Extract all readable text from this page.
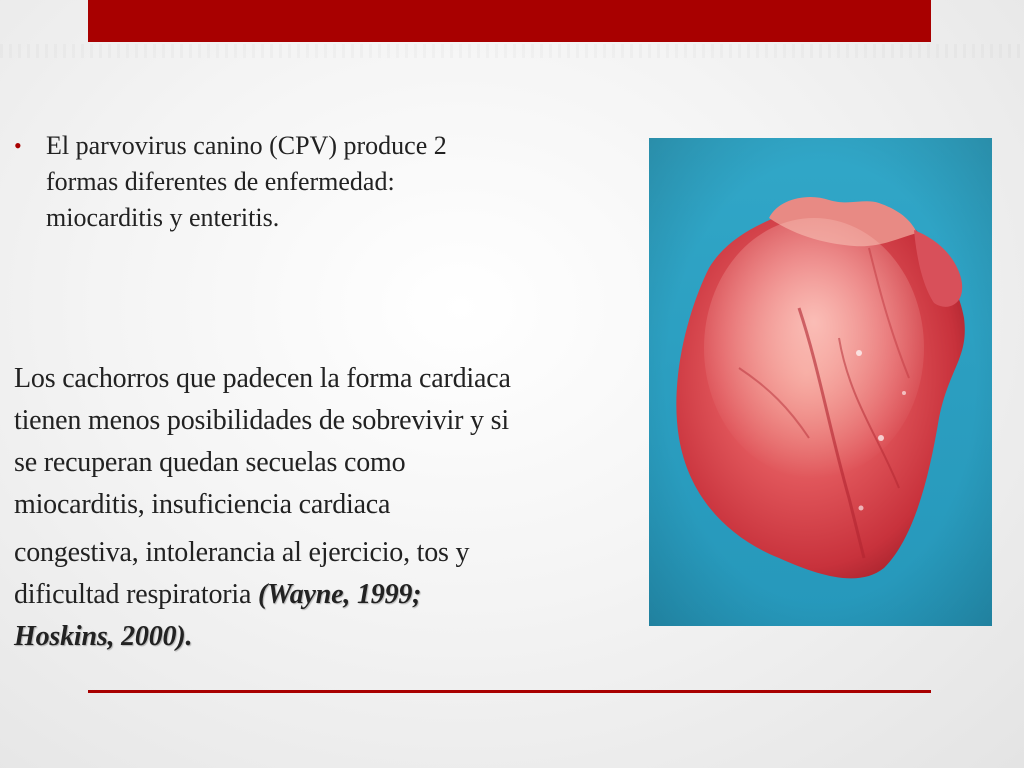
• El parvovirus canino (CPV) produce 2
formas diferentes de enfermedad:
miocarditis y enteritis.
Los cachorros que padecen la forma cardiaca
tienen menos posibilidades de sobrevivir y si
se recuperan quedan secuelas como
miocarditis, insuficiencia cardiaca
congestiva, intolerancia al ejercicio, tos y
dificultad respiratoria (Wayne, 1999;
Hoskins, 2000).
